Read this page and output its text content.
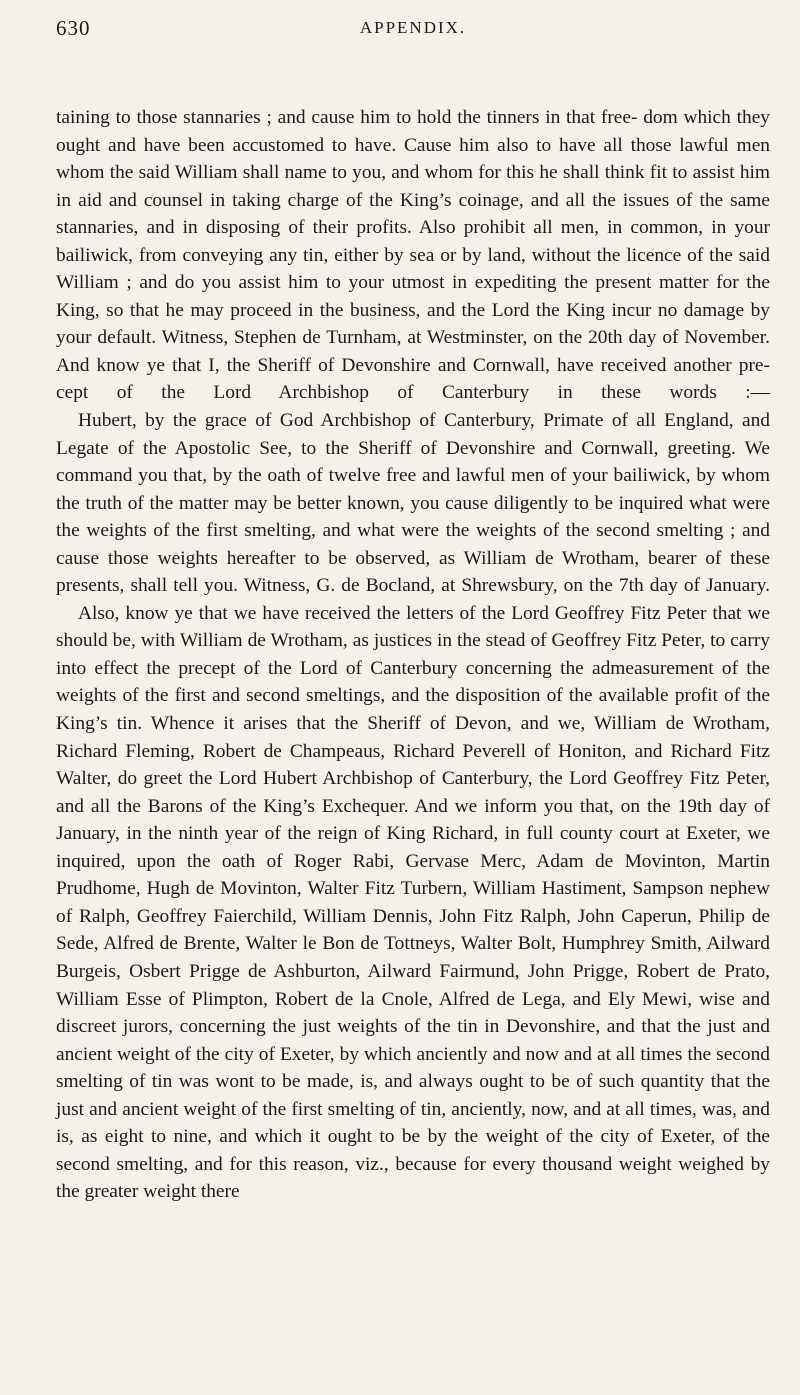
630	APPENDIX.

taining to those stannaries ; and cause him to hold the tinners in that free- dom which they ought and have been accustomed to have. Cause him also to have all those lawful men whom the said William shall name to you, and whom for this he shall think fit to assist him in aid and counsel in taking charge of the King’s coinage, and all the issues of the same stannaries, and in disposing of their profits. Also prohibit all men, in common, in your bailiwick, from conveying any tin, either by sea or by land, without the licence of the said William ; and do you assist him to your utmost in expediting the present matter for the King, so that he may proceed in the business, and the Lord the King incur no damage by your default. Witness, Stephen de Turnham, at Westminster, on the 20th day of November. And know ye that I, the Sheriff of Devonshire and Cornwall, have received another pre- cept of the Lord Archbishop of Canterbury in these words :—

Hubert, by the grace of God Archbishop of Canterbury, Primate of all England, and Legate of the Apostolic See, to the Sheriff of Devonshire and Cornwall, greeting. We command you that, by the oath of twelve free and lawful men of your bailiwick, by whom the truth of the matter may be better known, you cause diligently to be inquired what were the weights of the first smelting, and what were the weights of the second smelting ; and cause those weights hereafter to be observed, as William de Wrotham, bearer of these presents, shall tell you. Witness, G. de Bocland, at Shrewsbury, on the 7th day of January.

Also, know ye that we have received the letters of the Lord Geoffrey Fitz Peter that we should be, with William de Wrotham, as justices in the stead of Geoffrey Fitz Peter, to carry into effect the precept of the Lord of Canterbury concerning the admeasurement of the weights of the first and second smeltings, and the disposition of the available profit of the King’s tin. Whence it arises that the Sheriff of Devon, and we, William de Wrotham, Richard Fleming, Robert de Champeaus, Richard Peverell of Honiton, and Richard Fitz Walter, do greet the Lord Hubert Archbishop of Canterbury, the Lord Geoffrey Fitz Peter, and all the Barons of the King’s Exchequer. And we inform you that, on the 19th day of January, in the ninth year of the reign of King Richard, in full county court at Exeter, we inquired, upon the oath of Roger Rabi, Gervase Merc, Adam de Movinton, Martin Prudhome, Hugh de Movinton, Walter Fitz Turbern, William Hastiment, Sampson nephew of Ralph, Geoffrey Faierchild, William Dennis, John Fitz Ralph, John Caperun, Philip de Sede, Alfred de Brente, Walter le Bon de Tottneys, Walter Bolt, Humphrey Smith, Ailward Burgeis, Osbert Prigge de Ashburton, Ailward Fairmund, John Prigge, Robert de Prato, William Esse of Plimpton, Robert de la Cnole, Alfred de Lega, and Ely Mewi, wise and discreet jurors, concerning the just weights of the tin in Devonshire, and that the just and ancient weight of the city of Exeter, by which anciently and now and at all times the second smelting of tin was wont to be made, is, and always ought to be of such quantity that the just and ancient weight of the first smelting of tin, anciently, now, and at all times, was, and is, as eight to nine, and which it ought to be by the weight of the city of Exeter, of the second smelting, and for this reason, viz., because for every thousand weight weighed by the greater weight there
